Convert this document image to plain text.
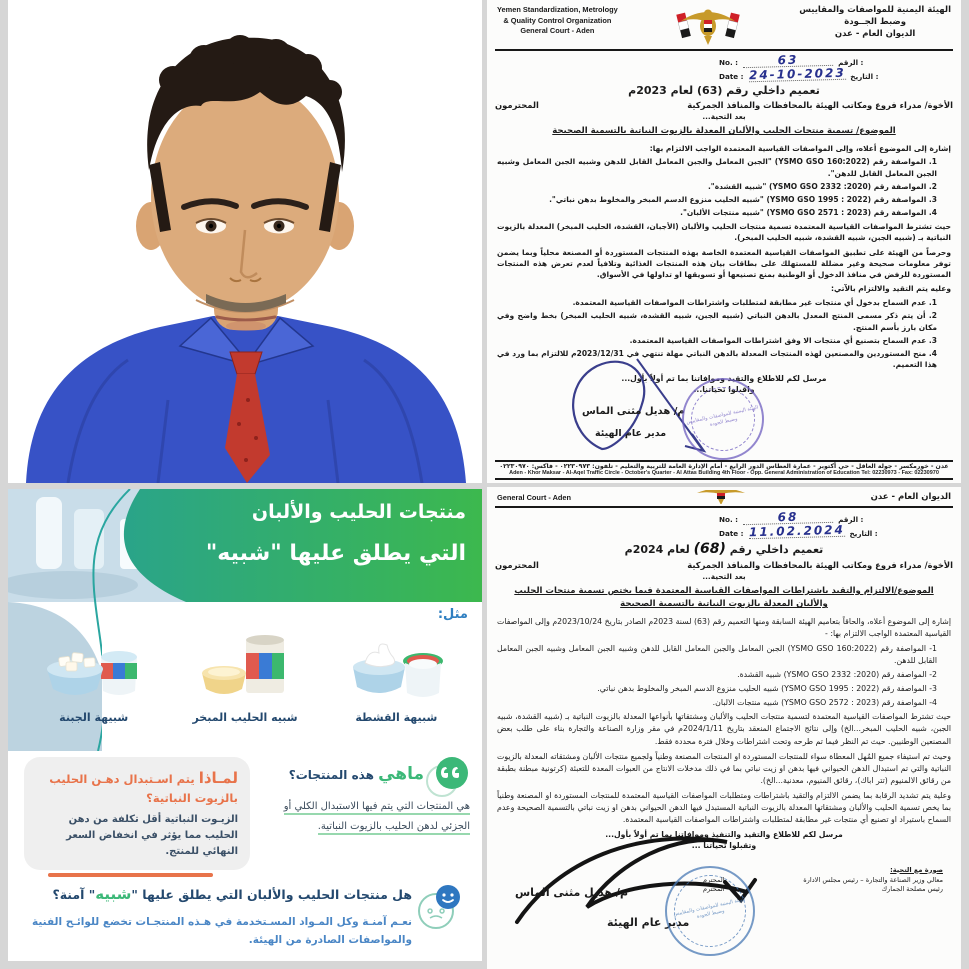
الهيئة اليمنية للمواصفات والمقاييس
وضبط الجــودة
الديوان العام - عدن
Yemen Standardization, Metrology
& Quality Control Organization
General Court - Aden
No. :	63	الرقم :
Date : 24-10-2023 التاريخ :
تعميم داخلي رقم (63) لعام 2023م
الأخوة/ مدراء فروع ومكاتب الهيئة بالمحافظات والمنافذ الجمركية
المحترمون
بعد التحية...
الموضوع/ تسمية منتجات الحليب والألبان المعدلة بالزيوت النباتية بالتسمية الصحيحة
إشارة إلى الموضوع أعلاه، وإلى المواصفات القياسية المعتمدة الواجب الالتزام بها:
1. المواصفة رقم (YSMO GSO 160:2022) "الجبن المعامل والجبن المعامل القابل للدهن وشبيه الجبن المعامل وشبيه الجبن المعامل القابل للدهن".
2. المواصفة رقم (YSMO GSO 2332 :2020) "شبيه القشدة".
3. المواصفة رقم (YSMO GSO 1995 : 2022) "شبيه الحليب منزوع الدسم المبخر والمخلوط بدهن نباتي".
4. المواصفة رقم (YSMO GSO 2571 : 2023) "شبيه منتجات الألبان".
حيث تشترط المواصفات القياسية المعتمدة تسمية منتجات الحليب والألبان (الأجبان، القشدة، الحليب المبخر) المعدلة بالزيوت النباتية بـ (شبيه الجبن، شبيه القشدة، شبيه الحليب المبخر).
وحرصاً من الهيئة على تطبيق المواصفات القياسية المعتمدة الخاصة بهذه المنتجات المستوردة أو المصنعة محلياً وبما يضمن توفر معلومات صحيحة وغير مضللة للمستهلك على بطاقات بيان هذه المنتجات الغذائية وتلافياً لعدم تعرض هذه المنتجات المستوردة للرفض في منافذ الدخول أو الوطنية بمنع تصنيعها أو تسويقها او تداولها في الأسواق.
وعليه يتم التقيد والالتزام بالآتي:
1. عدم السماح بدخول أي منتجات غير مطابقة لمتطلبات واشتراطات المواصفات القياسية المعتمدة.
2. أن يتم ذكر مسمى المنتج المعدل بالدهن النباتي (شبيه الجبن، شبيه القشدة، شبيه الحليب المبخر) بخط واضح وفي مكان بارز بأسم المنتج.
3. عدم السماح بتصنيع أي منتجات الا وفق اشتراطات المواصفات القياسية المعتمدة.
4. منح المستوردين والمصنعين لهذه المنتجات المعدلة بالدهن النباتي مهلة تنتهي في 2023/12/31م للالتزام بما ورد في هذا التعميم.
مرسل لكم للاطلاع والتقيد وموافاتنا بما تم أولاً بأول...
واقبلوا تحياتنا...
م/ هديل مثنى الماس
مدير عام الهيئة
الهيئة اليمنية للمواصفات والمقاييس وضبط الجودة
عدن - خورمكسر - جولة العاقل - حي أكتوبر - عمارة العطاس الدور الرابع - أمام الإدارة العامة للتربية والتعليم - تلفون: ٠٢٢٣٠٩٧٣ - فاكس: ٠٢٢٣٠٩٧٠
Aden - Khor Maksar - Al-Aqel Traffic Circle - October's Quarter - Al Attas Building 4th Floor - Opp. General Administration of Education Tel: 02230973 - Fax: 02230970
منتجات الحليب والألبان
التي يطلق عليها "شبيه"
مثل:
شبيهة القشطة
شبيه الحليب المبخر
شبيهة الجبنة
ماهي هذه المنتجات؟
هي المنتجات التي يتم فيها الاستبدال الكلي أو الجزئي لدهن الحليب بالزيوت النباتية.
لمـاذا يتم اسـتبدال دهـن الحليب بالزيوت النباتية؟
الزيـوت النباتية أقل تكلفة من دهن الحليب مما يؤثر في انخفاض السعر النهائي للمنتج.
هل منتجات الحليب والألبان التي يطلق عليها "شبيه" آمنة؟
نعـم آمنـة وكل المـواد المسـتخدمة في هـذه المنتجـات تخضع للوائـح الفنية والمواصفات الصادرة من الهيئة.
الديوان العام - عدن
General Court - Aden
No. :	68	الرقم :
Date : 11.02.2024 التاريخ :
تعميم داخلي رقم (68) لعام 2024م
الأخوة/ مدراء فروع ومكاتب الهيئة بالمحافظات والمنافذ الجمركية
المحترمون
بعد التحية...
الموضوع/الالتزام والتقيد باشتراطات المواصفات القياسية المعتمدة فيما يختص تسمية منتجات الحليب والألبان المعدلة بالزيوت النباتية بالتسمية الصحيحة
إشارة إلى الموضوع أعلاه، والحاقاً بتعاميم الهيئة السابقة ومنها التعميم رقم (63) لسنة 2023م الصادر بتاريخ 2023/10/24م وإلى المواصفات القياسية المعتمدة الواجب الالتزام بها: -
1- المواصفة رقم (YSMO GSO 160:2022) الجبن المعامل والجبن المعامل القابل للدهن وشبيه الجبن المعامل وشبيه الجبن المعامل القابل للدهن.
2- المواصفة رقم (YSMO GSO 2332 :2020) شبيه القشدة.
3- المواصفة رقم (YSMO GSO 1995 : 2022) شبيه الحليب منزوع الدسم المبخر والمخلوط بدهن نباتي.
4- المواصفة رقم (YSMO GSO 2572 : 2023) شبيه منتجات الالبان.
حيث تشترط المواصفات القياسية المعتمدة لتسمية منتجات الحليب والألبان ومشتقاتها بأنواعها المعدلة بالزيوت النباتية بـ (شبيه القشدة، شبيه الجبن، شبيه الحليب المبخر...الخ) وإلى نتائج الاجتماع المنعقد بتاريخ 2024/1/11م في مقر وزارة الصناعة والتجارة بناء على طلب بعض المصنعين الوطنيين. حيث تم النظر فيما تم طرحه وتحت اشتراطات وخلال فترة محددة فقط.
وحيث تم استيفاء جميع المُهل المعطاة سواء للمنتجات المستوردة او المنتجات المصنعة وطنياً ولجميع منتجات الألبان ومشتقاته المعدلة بالزيوت النباتية والتي تم استبدال الدهن الحيواني فيها بدهن او زيت نباتي بما في ذلك مدخلات الانتاج من العبوات المعدة للتعبئة (كرتونية مبطنة بطبقة من رقائق الالمنيوم (تتر اباك)، رقائق المنيوم، معدنية...الخ).
وعلية يتم تشديد الرقابة بما يضمن الالتزام والتقيد باشتراطات ومتطلبات المواصفات القياسية المعتمدة للمنتجات المستوردة او المصنعة وطنياً بما يخص تسمية الحليب والألبان ومشتقاتها المعدلة بالزيوت النباتية المستبدل فيها الدهن الحيواني بدهن او زيت نباتي بالتسمية الصحيحة وعدم السماح باستيراد او تصنيع أي منتجات غير مطابقة لمتطلبات واشتراطات المواصفات القياسية المعتمدة.
مرسل لكم للاطلاع والتقيد والتنفيذ وموافاتنا بما تم أولاً بأول...
وتقبلوا تحياتنا ...
م/ هديل مثنى الماس
مدير عام الهيئة
الهيئة اليمنية للمواصفات والمقاييس وضبط الجودة
صورة مع التحية:
معالي وزير الصناعة والتجارة – رئيس مجلس الادارة
المحترم
رئيس مصلحة الجمارك
المحترم
